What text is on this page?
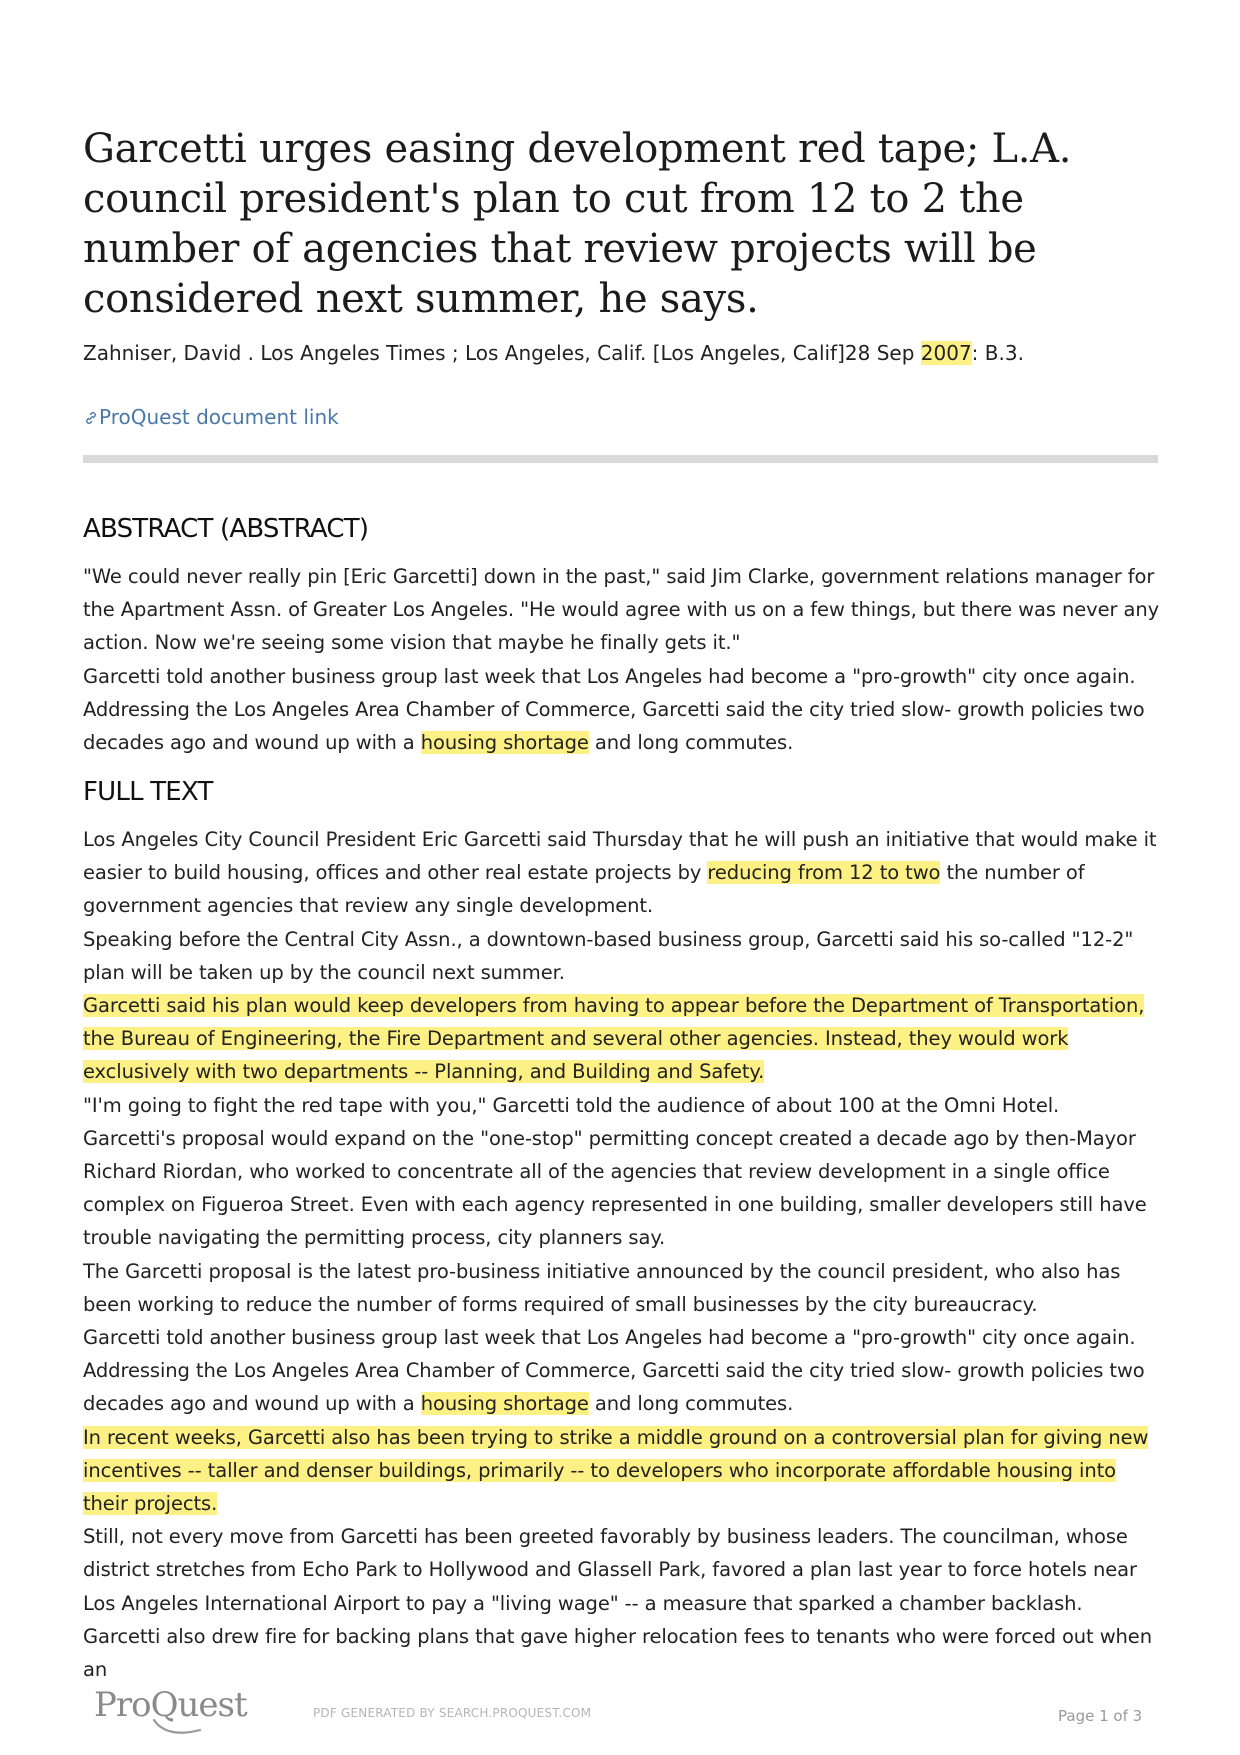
Garcetti urges easing development red tape; L.A. council president's plan to cut from 12 to 2 the number of agencies that review projects will be considered next summer, he says.
Zahniser, David . Los Angeles Times ; Los Angeles, Calif. [Los Angeles, Calif]28 Sep 2007: B.3.
ProQuest document link
ABSTRACT (ABSTRACT)

"We could never really pin [Eric Garcetti] down in the past," said Jim Clarke, government relations manager for the Apartment Assn. of Greater Los Angeles. "He would agree with us on a few things, but there was never any action. Now we're seeing some vision that maybe he finally gets it."

Garcetti told another business group last week that Los Angeles had become a "pro-growth" city once again. Addressing the Los Angeles Area Chamber of Commerce, Garcetti said the city tried slow- growth policies two decades ago and wound up with a housing shortage and long commutes.

FULL TEXT

Los Angeles City Council President Eric Garcetti said Thursday that he will push an initiative that would make it easier to build housing, offices and other real estate projects by reducing from 12 to two the number of government agencies that review any single development.

Speaking before the Central City Assn., a downtown-based business group, Garcetti said his so-called "12-2" plan will be taken up by the council next summer.

Garcetti said his plan would keep developers from having to appear before the Department of Transportation, the Bureau of Engineering, the Fire Department and several other agencies. Instead, they would work exclusively with two departments -- Planning, and Building and Safety.

"I'm going to fight the red tape with you," Garcetti told the audience of about 100 at the Omni Hotel.

Garcetti's proposal would expand on the "one-stop" permitting concept created a decade ago by then-Mayor Richard Riordan, who worked to concentrate all of the agencies that review development in a single office complex on Figueroa Street. Even with each agency represented in one building, smaller developers still have trouble navigating the permitting process, city planners say.

The Garcetti proposal is the latest pro-business initiative announced by the council president, who also has been working to reduce the number of forms required of small businesses by the city bureaucracy.

Garcetti told another business group last week that Los Angeles had become a "pro-growth" city once again. Addressing the Los Angeles Area Chamber of Commerce, Garcetti said the city tried slow- growth policies two decades ago and wound up with a housing shortage and long commutes.

In recent weeks, Garcetti also has been trying to strike a middle ground on a controversial plan for giving new incentives -- taller and denser buildings, primarily -- to developers who incorporate affordable housing into their projects.

Still, not every move from Garcetti has been greeted favorably by business leaders. The councilman, whose district stretches from Echo Park to Hollywood and Glassell Park, favored a plan last year to force hotels near Los Angeles International Airport to pay a "living wage" -- a measure that sparked a chamber backlash.

Garcetti also drew fire for backing plans that gave higher relocation fees to tenants who were forced out when an

ProQuest	PDF GENERATED BY SEARCH.PROQUEST.COM	Page 1 of 3
